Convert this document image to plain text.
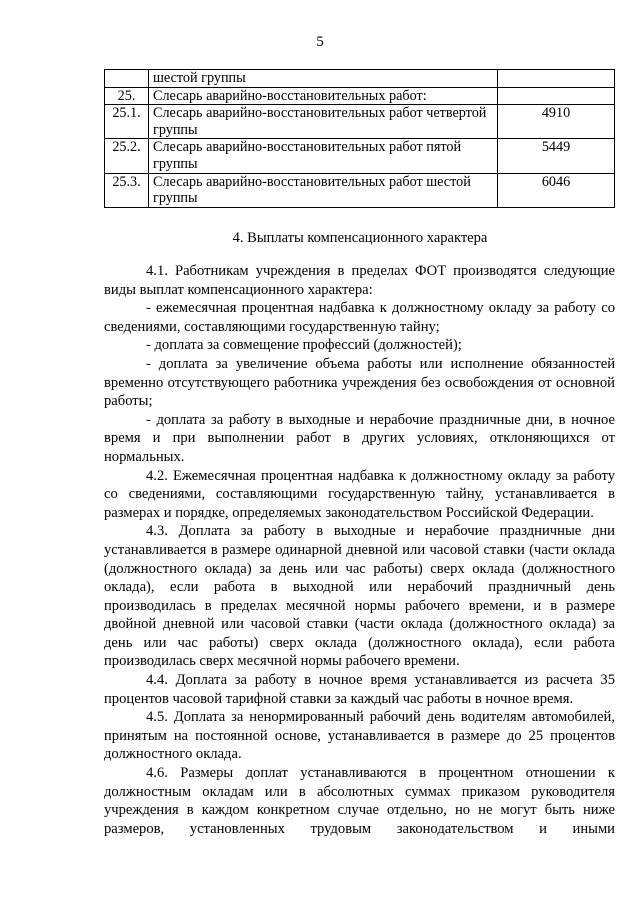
5
	шестой группы	
25.	Слесарь аварийно-восстановительных работ:	
25.1.	Слесарь аварийно-восстановительных работ четвертой группы	4910
25.2.	Слесарь аварийно-восстановительных работ пятой группы	5449
25.3.	Слесарь аварийно-восстановительных работ шестой группы	6046
4. Выплаты компенсационного характера

4.1. Работникам учреждения в пределах ФОТ производятся следующие виды выплат компенсационного характера:

- ежемесячная процентная надбавка к должностному окладу за работу со сведениями, составляющими государственную тайну;

- доплата за совмещение профессий (должностей);

- доплата за увеличение объема работы или исполнение обязанностей временно отсутствующего работника учреждения без освобождения от основной работы;

- доплата за работу в выходные и нерабочие праздничные дни, в ночное время и при выполнении работ в других условиях, отклоняющихся от нормальных.

4.2. Ежемесячная процентная надбавка к должностному окладу за работу со сведениями, составляющими государственную тайну, устанавливается в размерах и порядке, определяемых законодательством Российской Федерации.

4.3. Доплата за работу в выходные и нерабочие праздничные дни устанавливается в размере одинарной дневной или часовой ставки (части оклада (должностного оклада) за день или час работы) сверх оклада (должностного оклада), если работа в выходной или нерабочий праздничный день производилась в пределах месячной нормы рабочего времени, и в размере двойной дневной или часовой ставки (части оклада (должностного оклада) за день или час работы) сверх оклада (должностного оклада), если работа производилась сверх месячной нормы рабочего времени.

4.4. Доплата за работу в ночное время устанавливается из расчета 35 процентов часовой тарифной ставки за каждый час работы в ночное время.

4.5. Доплата за ненормированный рабочий день водителям автомобилей, принятым на постоянной основе, устанавливается в размере до 25 процентов должностного оклада.

4.6. Размеры доплат устанавливаются в процентном отношении к должностным окладам или в абсолютных суммах приказом руководителя учреждения в каждом конкретном случае отдельно, но не могут быть ниже размеров, установленных трудовым законодательством и иными
